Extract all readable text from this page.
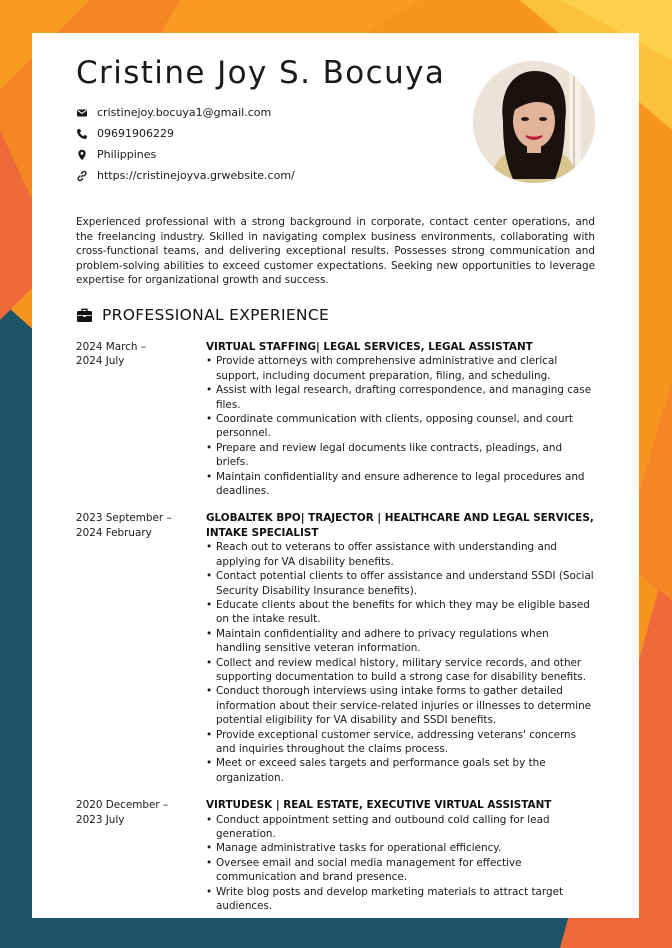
Cristine Joy S. Bocuya
cristinejoy.bocuya1@gmail.com
09691906229
Philippines
https://cristinejoyva.grwebsite.com/

Experienced professional with a strong background in corporate, contact center operations, and the freelancing industry. Skilled in navigating complex business environments, collaborating with cross-functional teams, and delivering exceptional results. Possesses strong communication and problem-solving abilities to exceed customer expectations. Seeking new opportunities to leverage expertise for organizational growth and success.

PROFESSIONAL EXPERIENCE
2024 March –
2024 July
VIRTUAL STAFFING| LEGAL SERVICES, LEGAL ASSISTANT
• Provide attorneys with comprehensive administrative and clerical support, including document preparation, filing, and scheduling.
• Assist with legal research, drafting correspondence, and managing case files.
• Coordinate communication with clients, opposing counsel, and court personnel.
• Prepare and review legal documents like contracts, pleadings, and briefs.
• Maintain confidentiality and ensure adherence to legal procedures and deadlines.
2023 September –
2024 February
GLOBALTEK BPO| TRAJECTOR | HEALTHCARE AND LEGAL SERVICES, INTAKE SPECIALIST
• Reach out to veterans to offer assistance with understanding and applying for VA disability benefits.
• Contact potential clients to offer assistance and understand SSDI (Social Security Disability Insurance benefits).
• Educate clients about the benefits for which they may be eligible based on the intake result.
• Maintain confidentiality and adhere to privacy regulations when handling sensitive veteran information.
• Collect and review medical history, military service records, and other supporting documentation to build a strong case for disability benefits.
• Conduct thorough interviews using intake forms to gather detailed information about their service-related injuries or illnesses to determine potential eligibility for VA disability and SSDI benefits.
• Provide exceptional customer service, addressing veterans' concerns and inquiries throughout the claims process.
• Meet or exceed sales targets and performance goals set by the organization.
2020 December –
2023 July
VIRTUDESK | REAL ESTATE, EXECUTIVE VIRTUAL ASSISTANT
• Conduct appointment setting and outbound cold calling for lead generation.
• Manage administrative tasks for operational efficiency.
• Oversee email and social media management for effective communication and brand presence.
• Write blog posts and develop marketing materials to attract target audiences.
